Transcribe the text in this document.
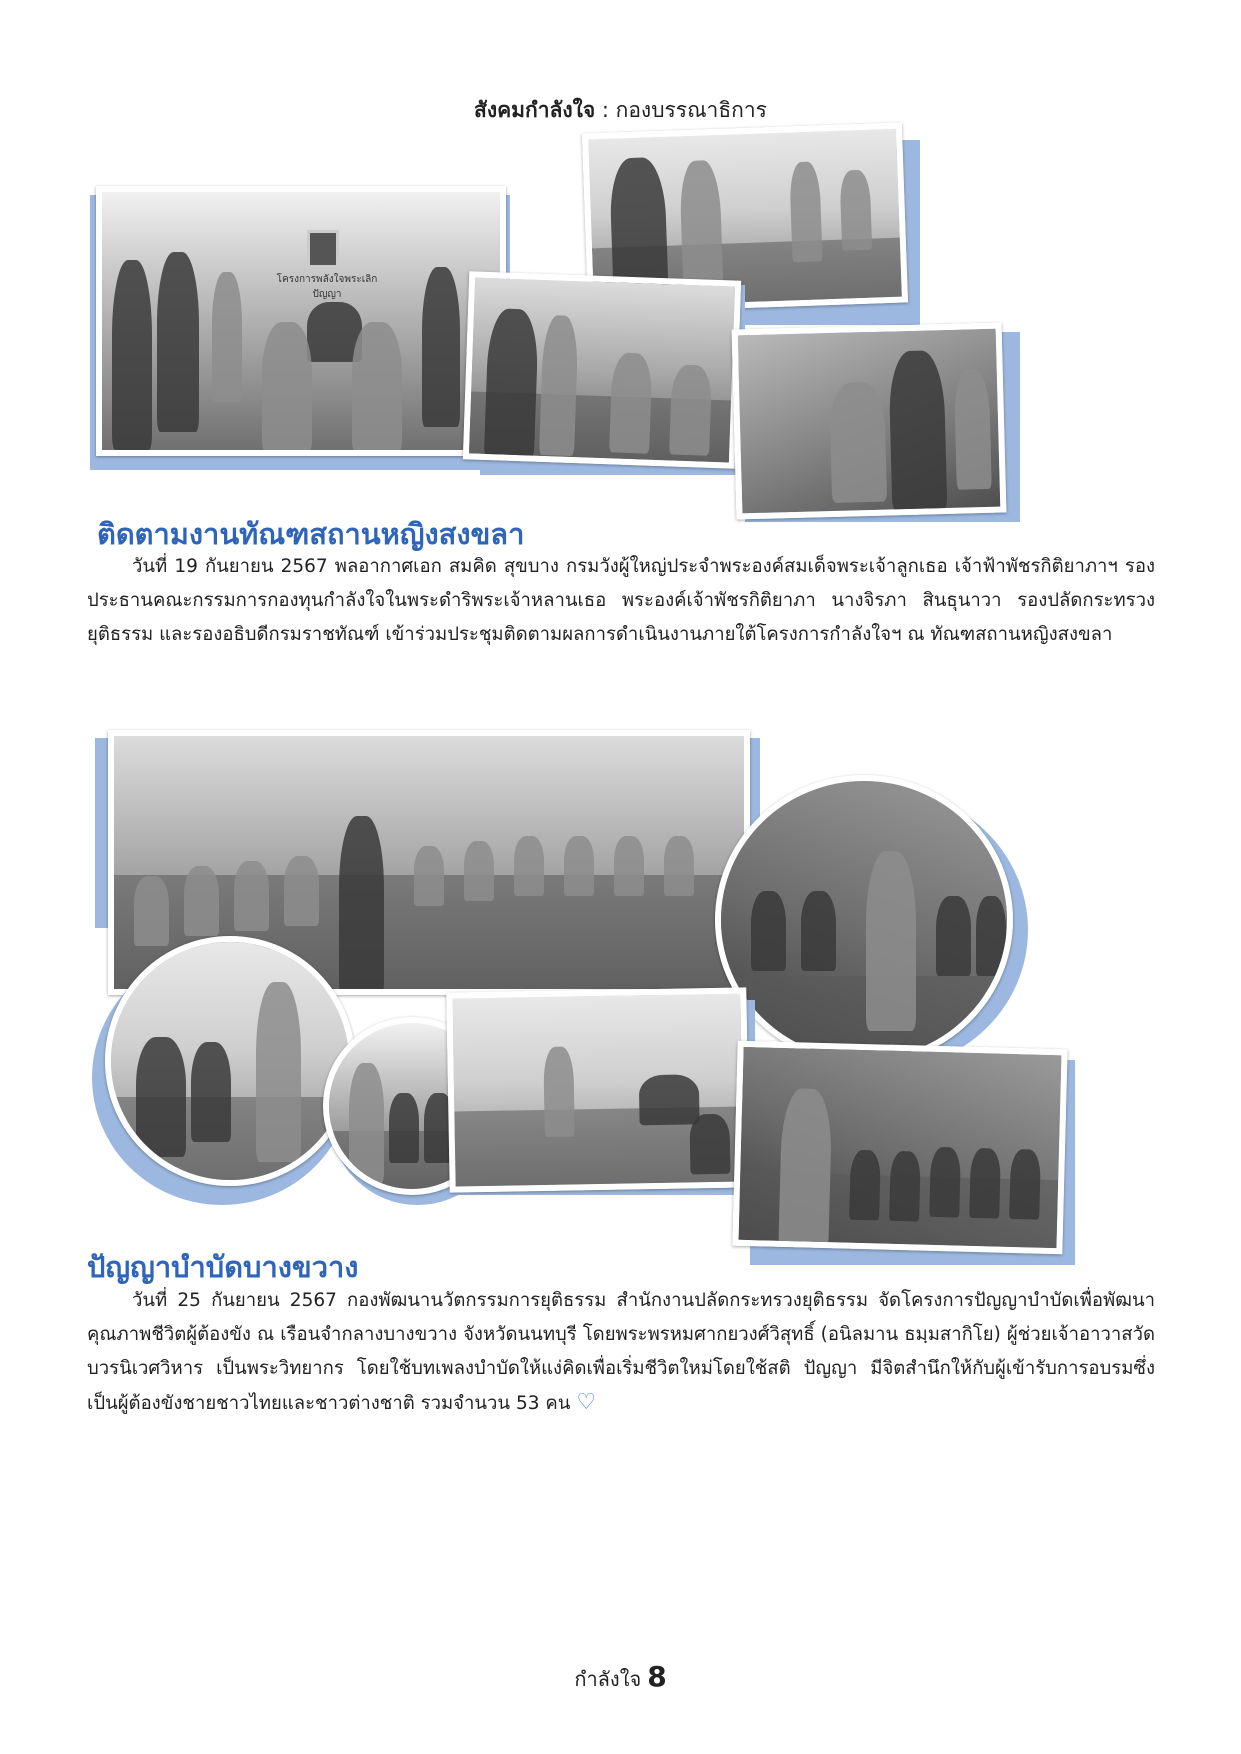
สังคมกำลังใจ : กองบรรณาธิการ
โครงการพลังใจพระเลิกปัญญา
ติดตามงานทัณฑสถานหญิงสงขลา
วันที่ 19 กันยายน 2567 พลอากาศเอก สมคิด สุขบาง กรมวังผู้ใหญ่ประจำพระองค์สมเด็จพระเจ้าลูกเธอ เจ้าฟ้าพัชรกิติยาภาฯ รองประธานคณะกรรมการกองทุนกำลังใจในพระดำริพระเจ้าหลานเธอ พระองค์เจ้าพัชรกิติยาภา นางจิรภา สินธุนาวา รองปลัดกระทรวงยุติธรรม และรองอธิบดีกรมราชทัณฑ์ เข้าร่วมประชุมติดตามผลการดำเนินงานภายใต้โครงการกำลังใจฯ ณ ทัณฑสถานหญิงสงขลา
ปัญญาบำบัดบางขวาง
วันที่ 25 กันยายน 2567 กองพัฒนานวัตกรรมการยุติธรรม สำนักงานปลัดกระทรวงยุติธรรม จัดโครงการปัญญาบำบัดเพื่อพัฒนาคุณภาพชีวิตผู้ต้องขัง ณ เรือนจำกลางบางขวาง จังหวัดนนทบุรี โดยพระพรหมศากยวงศ์วิสุทธิ์ (อนิลมาน ธมฺมสากิโย) ผู้ช่วยเจ้าอาวาสวัดบวรนิเวศวิหาร เป็นพระวิทยากร โดยใช้บทเพลงบำบัดให้แง่คิดเพื่อเริ่มชีวิตใหม่โดยใช้สติ ปัญญา มีจิตสำนึกให้กับผู้เข้ารับการอบรมซึ่งเป็นผู้ต้องขังชายชาวไทยและชาวต่างชาติ รวมจำนวน 53 คน ♡
กำลังใจ 8
